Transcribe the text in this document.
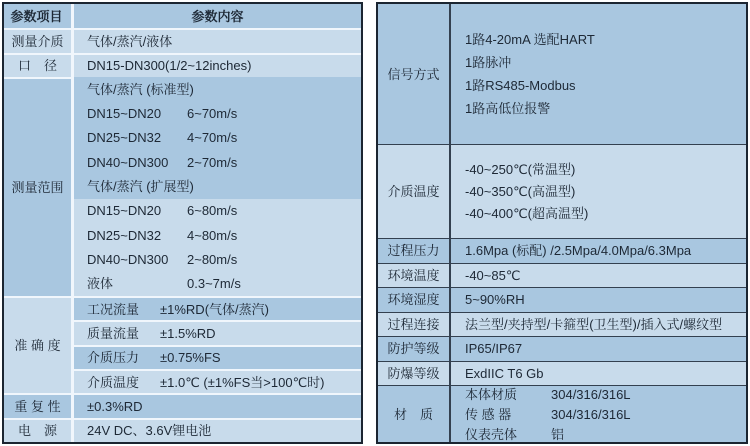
参数项目	参数内容
测量介质	气体/蒸汽/液体
口　径	DN15-DN300(1/2~12inches)
测量范围
气体/蒸汽 (标准型)
DN15~DN20	6~70m/s
DN25~DN32	4~70m/s
DN40~DN300	2~70m/s
气体/蒸汽 (扩展型)
DN15~DN20	6~80m/s
DN25~DN32	4~80m/s
DN40~DN300	2~80m/s
液体	0.3~7m/s
准 确 度
工况流量	±1%RD(气体/蒸汽)
质量流量	±1.5%RD
介质压力	±0.75%FS
介质温度	±1.0℃ (±1%FS当>100℃时)
重 复 性	±0.3%RD
电　源	24V DC、3.6V锂电池
信号方式
1路4-20mA 选配HART
1路脉冲
1路RS485-Modbus
1路高低位报警
介质温度
-40~250℃(常温型)
-40~350℃(高温型)
-40~400℃(超高温型)
过程压力	1.6Mpa (标配) /2.5Mpa/4.0Mpa/6.3Mpa
环境温度	-40~85℃
环境湿度	5~90%RH
过程连接	法兰型/夹持型/卡箍型(卫生型)/插入式/螺纹型
防护等级	IP65/IP67
防爆等级	ExdIIC T6 Gb
材　质
本体材质	304/316/316L
传 感 器	304/316/316L
仪表壳体	铝
